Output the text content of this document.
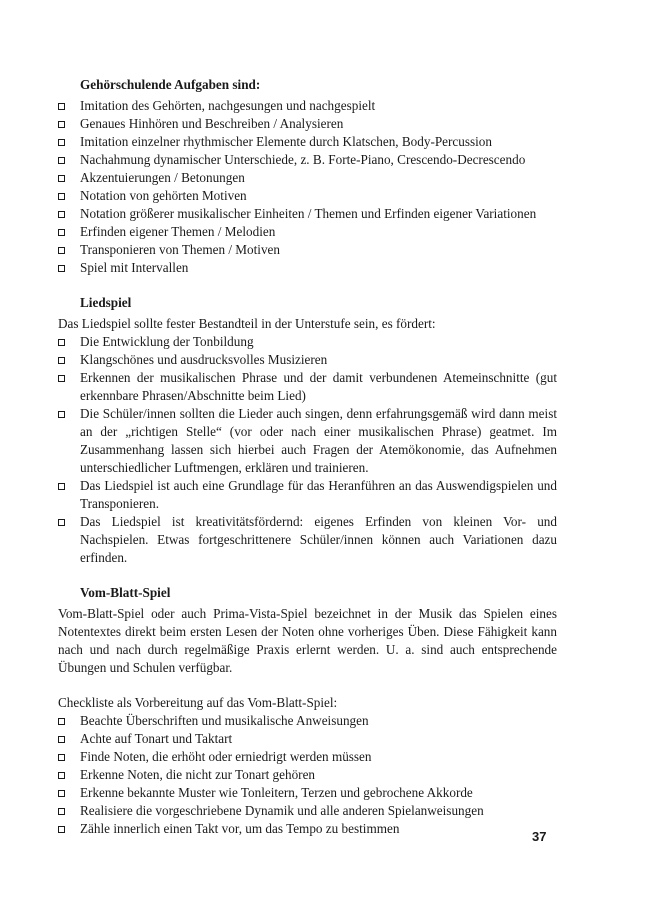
Gehörschulende Aufgaben sind:

Imitation des Gehörten, nachgesungen und nachgespielt
Genaues Hinhören und Beschreiben / Analysieren
Imitation einzelner rhythmischer Elemente durch Klatschen, Body-Percussion
Nachahmung dynamischer Unterschiede, z. B. Forte-Piano, Crescendo-Decrescendo
Akzentuierungen / Betonungen
Notation von gehörten Motiven
Notation größerer musikalischer Einheiten / Themen und Erfinden eigener Variationen
Erfinden eigener Themen / Melodien
Transponieren von Themen / Motiven
Spiel mit Intervallen

Liedspiel

Das Liedspiel sollte fester Bestandteil in der Unterstufe sein, es fördert:

Die Entwicklung der Tonbildung
Klangschönes und ausdrucksvolles Musizieren
Erkennen der musikalischen Phrase und der damit verbundenen Atemeinschnitte (gut erkennbare Phrasen/Abschnitte beim Lied)
Die Schüler/innen sollten die Lieder auch singen, denn erfahrungsgemäß wird dann meist an der „richtigen Stelle“ (vor oder nach einer musikalischen Phrase) geatmet. Im Zusammenhang lassen sich hierbei auch Fragen der Atemökonomie, das Aufnehmen unterschiedlicher Luftmengen, erklären und trainieren.
Das Liedspiel ist auch eine Grundlage für das Heranführen an das Auswendigspielen und Transponieren.
Das Liedspiel ist kreativitätsfördernd: eigenes Erfinden von kleinen Vor- und Nachspielen. Etwas fortgeschrittenere Schüler/innen können auch Variationen dazu erfinden.

Vom-Blatt-Spiel

Vom-Blatt-Spiel oder auch Prima-Vista-Spiel bezeichnet in der Musik das Spielen eines Notentextes direkt beim ersten Lesen der Noten ohne vorheriges Üben. Diese Fähigkeit kann nach und nach durch regelmäßige Praxis erlernt werden. U. a. sind auch entsprechende Übungen und Schulen verfügbar.

Checkliste als Vorbereitung auf das Vom-Blatt-Spiel:

Beachte Überschriften und musikalische Anweisungen
Achte auf Tonart und Taktart
Finde Noten, die erhöht oder erniedrigt werden müssen
Erkenne Noten, die nicht zur Tonart gehören
Erkenne bekannte Muster wie Tonleitern, Terzen und gebrochene Akkorde
Realisiere die vorgeschriebene Dynamik und alle anderen Spielanweisungen
Zähle innerlich einen Takt vor, um das Tempo zu bestimmen
37
